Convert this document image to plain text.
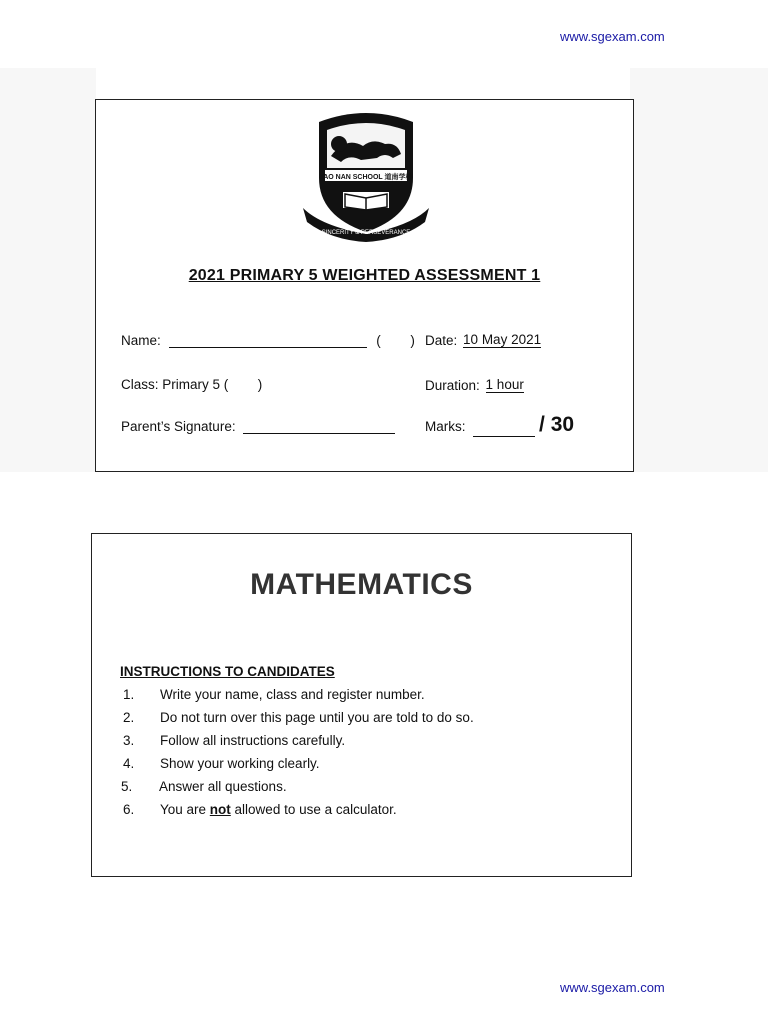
www.sgexam.com
TAO NAN SCHOOL 道南学校
SINCERITY & PERSEVERANCE
2021 PRIMARY 5 WEIGHTED ASSESSMENT 1
Name:	( ) Date: 10 May 2021
Class: Primary 5 ( )	Duration: 1 hour
Parent’s Signature:	Marks:	/ 30
MATHEMATICS
INSTRUCTIONS TO CANDIDATES
1. Write your name, class and register number.
2. Do not turn over this page until you are told to do so.
3. Follow all instructions carefully.
4. Show your working clearly.
5. Answer all questions.
6. You are not allowed to use a calculator.
www.sgexam.com
